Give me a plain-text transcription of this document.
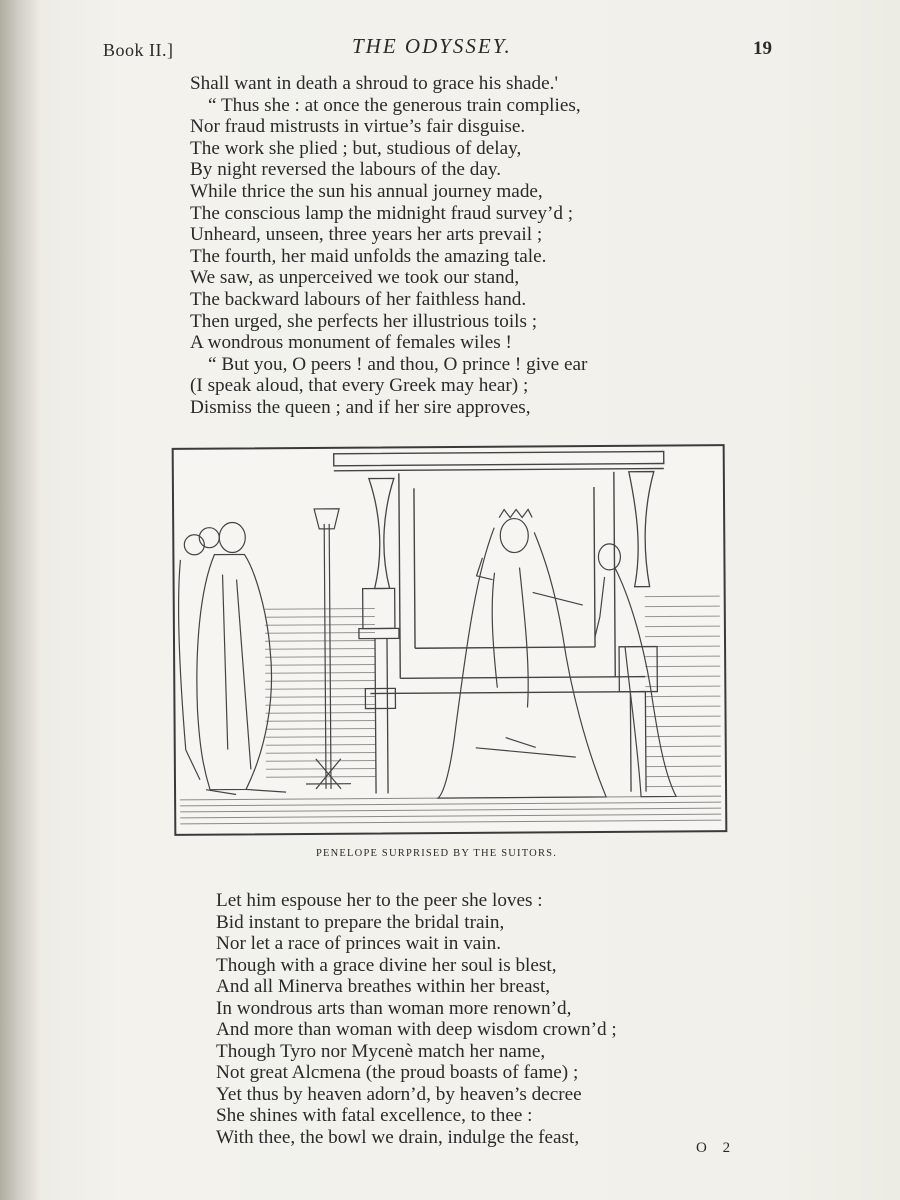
Book II.]	THE ODYSSEY.	19
Shall want in death a shroud to grace his shade.'
“ Thus she : at once the generous train complies,
Nor fraud mistrusts in virtue’s fair disguise.
The work she plied ; but, studious of delay,
By night reversed the labours of the day.
While thrice the sun his annual journey made,
The conscious lamp the midnight fraud survey’d ;
Unheard, unseen, three years her arts prevail ;
The fourth, her maid unfolds the amazing tale.
We saw, as unperceived we took our stand,
The backward labours of her faithless hand.
Then urged, she perfects her illustrious toils ;
A wondrous monument of females wiles !
“ But you, O peers ! and thou, O prince ! give ear
(I speak aloud, that every Greek may hear) ;
Dismiss the queen ; and if her sire approves,
PENELOPE SURPRISED BY THE SUITORS.
Let him espouse her to the peer she loves :
Bid instant to prepare the bridal train,
Nor let a race of princes wait in vain.
Though with a grace divine her soul is blest,
And all Minerva breathes within her breast,
In wondrous arts than woman more renown’d,
And more than woman with deep wisdom crown’d ;
Though Tyro nor Mycenè match her name,
Not great Alcmena (the proud boasts of fame) ;
Yet thus by heaven adorn’d, by heaven’s decree
She shines with fatal excellence, to thee :
With thee, the bowl we drain, indulge the feast,
O 2
